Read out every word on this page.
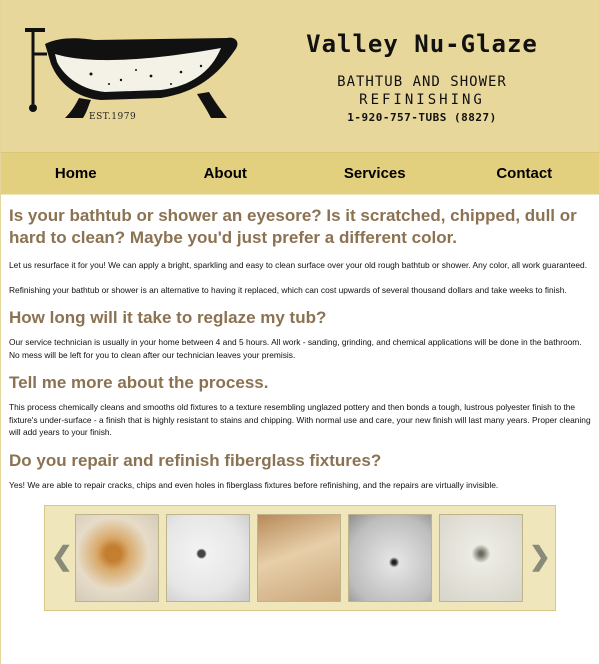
EST.1979
Valley Nu-Glaze
BATHTUB AND SHOWER
REFINISHING
1-920-757-TUBS (8827)
Home	About	Services	Contact
Is your bathtub or shower an eyesore? Is it scratched, chipped, dull or hard to clean? Maybe you'd just prefer a different color.

Let us resurface it for you! We can apply a bright, sparkling and easy to clean surface over your old rough bathtub or shower. Any color, all work guaranteed.

Refinishing your bathtub or shower is an alternative to having it replaced, which can cost upwards of several thousand dollars and take weeks to finish.

How long will it take to reglaze my tub?

Our service technician is usually in your home between 4 and 5 hours. All work - sanding, grinding, and chemical applications will be done in the bathroom. No mess will be left for you to clean after our technician leaves your premisis.

Tell me more about the process.

This process chemically cleans and smooths old fixtures to a texture resembling unglazed pottery and then bonds a tough, lustrous polyester finish to the fixture's under-surface - a finish that is highly resistant to stains and chipping. With normal use and care, your new finish will last many years. Proper cleaning will add years to your finish.

Do you repair and refinish fiberglass fixtures?

Yes! We are able to repair cracks, chips and even holes in fiberglass fixtures before refinishing, and the repairs are virtually invisible.

❮	❯
